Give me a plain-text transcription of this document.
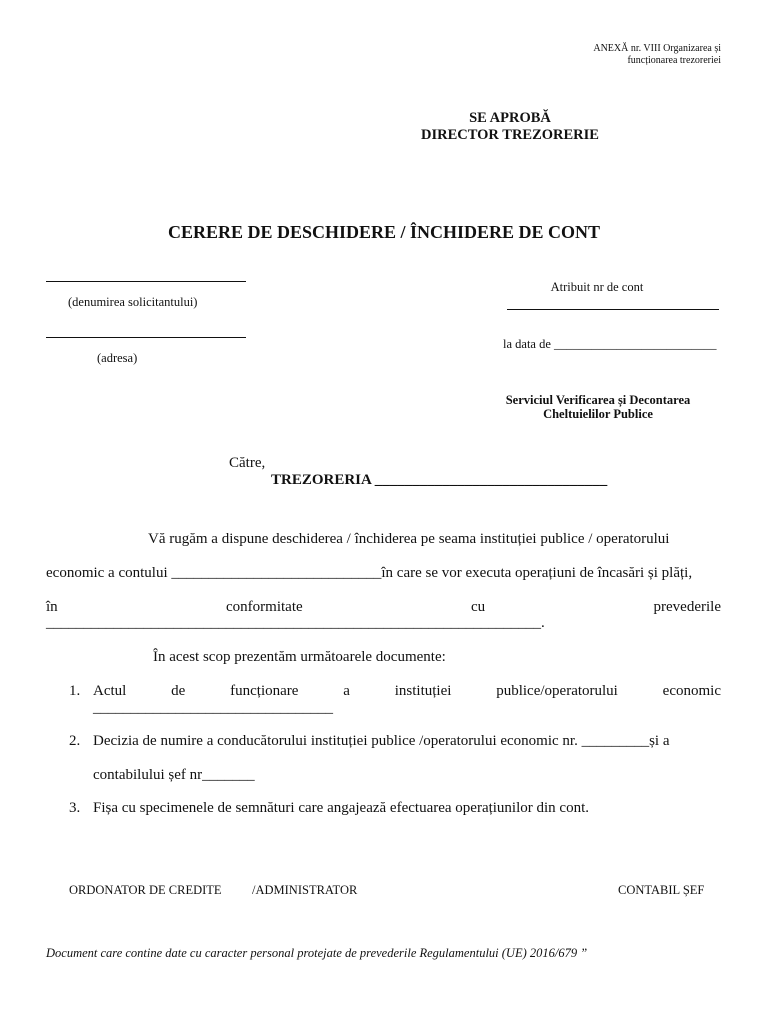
ANEXĂ nr. VIII Organizarea și
funcționarea trezoreriei
SE APROBĂ
DIRECTOR TREZORERIE
CERERE DE DESCHIDERE / ÎNCHIDERE DE CONT
(denumirea solicitantului)
(adresa)
Atribuit nr de cont
la data de __________________________
Serviciul Verificarea și Decontarea
Cheltuielilor Publice
Către,
TREZORERIA _______________________________
Vă rugăm a dispune deschiderea / închiderea pe seama instituției publice / operatorului
economic a contului ____________________________în care se vor executa operațiuni de încasări și plăți,
în	conformitate	cu	prevederile
__________________________________________________________________.
În acest scop prezentăm următoarele documente:
1. Actul	de	funcționare	a	instituției	publice/operatorului	economic
________________________________
2. Decizia de numire a conducătorului instituției publice /operatorului economic nr. _________și a
contabilului șef nr_______
3. Fișa cu specimenele de semnături care angajează efectuarea operațiunilor din cont.
ORDONATOR DE CREDITE /ADMINISTRATOR	CONTABIL ȘEF
Document care contine date cu caracter personal protejate de prevederile Regulamentului (UE) 2016/679 ”
